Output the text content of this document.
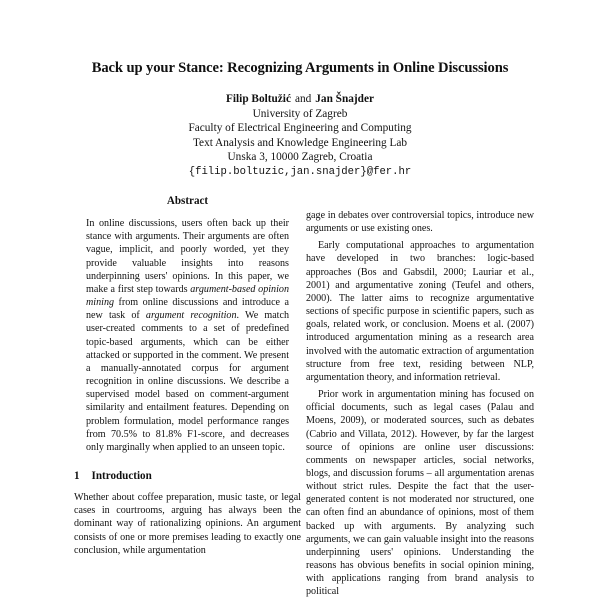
Back up your Stance: Recognizing Arguments in Online Discussions
Filip Boltužić and Jan Šnajder
University of Zagreb
Faculty of Electrical Engineering and Computing
Text Analysis and Knowledge Engineering Lab
Unska 3, 10000 Zagreb, Croatia
{filip.boltuzic,jan.snajder}@fer.hr
Abstract

In online discussions, users often back up their stance with arguments. Their arguments are often vague, implicit, and poorly worded, yet they provide valuable insights into reasons underpinning users' opinions. In this paper, we make a first step towards argument-based opinion mining from online discussions and introduce a new task of argument recognition. We match user-created comments to a set of predefined topic-based arguments, which can be either attacked or supported in the comment. We present a manually-annotated corpus for argument recognition in online discussions. We describe a supervised model based on comment-argument similarity and entailment features. Depending on problem formulation, model performance ranges from 70.5% to 81.8% F1-score, and decreases only marginally when applied to an unseen topic.

1 Introduction

Whether about coffee preparation, music taste, or legal cases in courtrooms, arguing has always been the dominant way of rationalizing opinions. An argument consists of one or more premises leading to exactly one conclusion, while argumentation

gage in debates over controversial topics, introduce new arguments or use existing ones.

Early computational approaches to argumentation have developed in two branches: logic-based approaches (Bos and Gabsdil, 2000; Lauriar et al., 2001) and argumentative zoning (Teufel and others, 2000). The latter aims to recognize argumentative sections of specific purpose in scientific papers, such as goals, related work, or conclusion. Moens et al. (2007) introduced argumentation mining as a research area involved with the automatic extraction of argumentation structure from free text, residing between NLP, argumentation theory, and information retrieval.

Prior work in argumentation mining has focused on official documents, such as legal cases (Palau and Moens, 2009), or moderated sources, such as debates (Cabrio and Villata, 2012). However, by far the largest source of opinions are online user discussions: comments on newspaper articles, social networks, blogs, and discussion forums – all argumentation arenas without strict rules. Despite the fact that the user-generated content is not moderated nor structured, one can often find an abundance of opinions, most of them backed up with arguments. By analyzing such arguments, we can gain valuable insight into the reasons underpinning users' opinions. Understanding the reasons has obvious benefits in social opinion mining, with applications ranging from brand analysis to political
